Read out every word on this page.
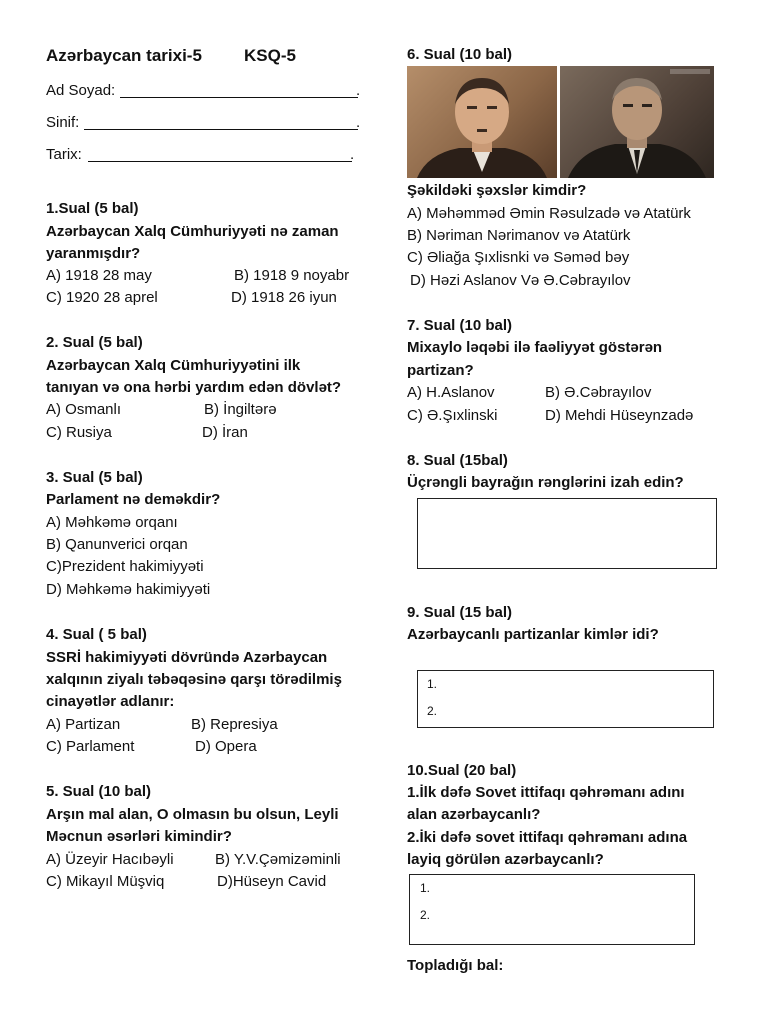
Azərbaycan tarixi-5 KSQ-5
Ad Soyad:	.
Sinif:	.
Tarix:	.
1.Sual (5 bal)
Azərbaycan Xalq Cümhuriyyəti nə zaman
yaranmışdır?
A) 1918 28 may	B) 1918 9 noyabr
C) 1920 28 aprel	D) 1918 26 iyun
2. Sual (5 bal)
Azərbaycan Xalq Cümhuriyyətini ilk
tanıyan və ona hərbi yardım edən dövlət?
A) Osmanlı	B) İngiltərə
C) Rusiya	D) İran
3. Sual (5 bal)
Parlament nə deməkdir?
A) Məhkəmə orqanı
B) Qanunverici orqan
C)Prezident hakimiyyəti
D) Məhkəmə hakimiyyəti
4. Sual ( 5 bal)
SSRİ hakimiyyəti dövründə Azərbaycan
xalqının ziyalı təbəqəsinə qarşı törədilmiş
cinayətlər adlanır:
A) Partizan	B) Represiya
C) Parlament	D) Opera
5. Sual (10 bal)
Arşın mal alan, O olmasın bu olsun, Leyli
Məcnun əsərləri kimindir?
A) Üzeyir Hacıbəyli	B) Y.V.Çəmizəminli
C) Mikayıl Müşviq	D)Hüseyn Cavid
6. Sual (10 bal)
Şəkildəki şəxslər kimdir?
A) Məhəmməd Əmin Rəsulzadə və Atatürk
B) Nəriman Nərimanov və Atatürk
C) Əliağa Şıxlisnki və Səməd bəy
D) Həzi Aslanov Və Ə.Cəbrayılov
7. Sual (10 bal)
Mixaylo ləqəbi ilə faəliyyət göstərən
partizan?
A) H.Aslanov	B) Ə.Cəbrayılov
C) Ə.Şıxlinski	D) Mehdi Hüseynzadə
8. Sual (15bal)
Üçrəngli bayrağın rənglərini izah edin?
9. Sual (15 bal)
Azərbaycanlı partizanlar kimlər idi?
1.
2.
10.Sual (20 bal)
1.İlk dəfə Sovet ittifaqı qəhrəmanı adını
alan azərbaycanlı?
2.İki dəfə sovet ittifaqı qəhrəmanı adına
layiq görülən azərbaycanlı?
1.
2.
Topladığı bal:
